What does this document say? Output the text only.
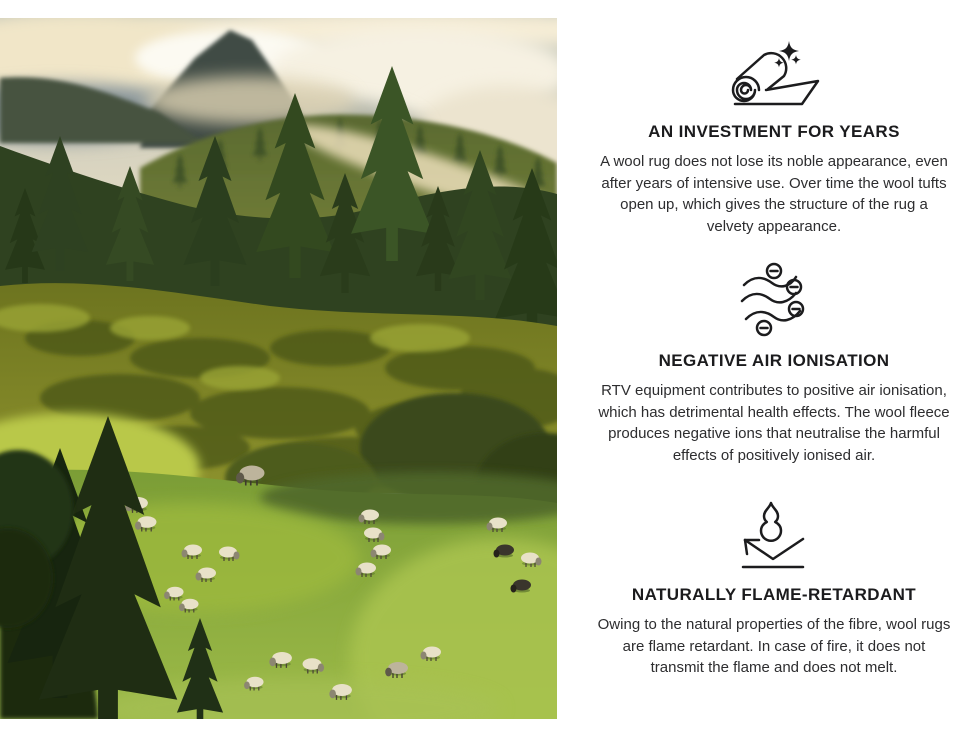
AN INVESTMENT FOR YEARS

A wool rug does not lose its noble appearance, even after years of intensive use. Over time the wool tufts open up, which gives the structure of the rug a velvety appearance.

NEGATIVE AIR IONISATION

RTV equipment contributes to positive air ionisation, which has detrimental health effects. The wool fleece produces negative ions that neutralise the harmful effects of positively ionised air.

NATURALLY FLAME-RETARDANT

Owing to the natural properties of the fibre, wool rugs are flame retardant. In case of fire, it does not transmit the flame and does not melt.
